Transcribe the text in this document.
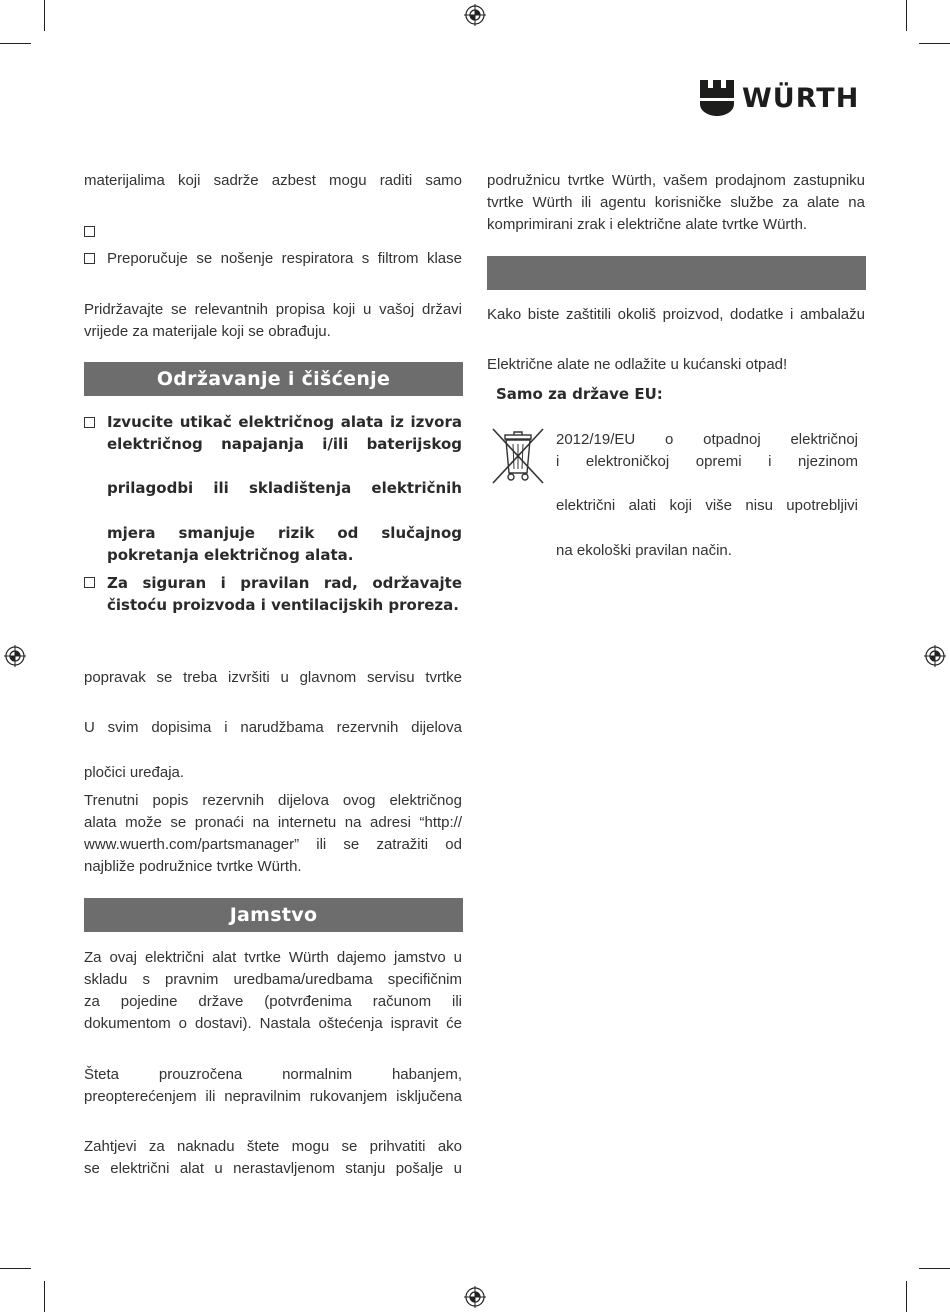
WÜRTH
materijalima koji sadrže azbest mogu raditi samo
Preporučuje se nošenje respiratora s filtrom klase
Pridržavajte se relevantnih propisa koji u vašoj državi
vrijede za materijale koji se obrađuju.
Održavanje i čišćenje
Izvucite utikač električnog alata iz izvora
električnog napajanja i/ili baterijskog
prilagodbi ili skladištenja električnih
mjera smanjuje rizik od slučajnog
pokretanja električnog alata.
Za siguran i pravilan rad, održavajte
čistoću proizvoda i ventilacijskih proreza.
popravak se treba izvršiti u glavnom servisu tvrtke
U svim dopisima i narudžbama rezervnih dijelova
pločici uređaja.
Trenutni popis rezervnih dijelova ovog električnog
alata može se pronaći na internetu na adresi “http://
www.wuerth.com/partsmanager” ili se zatražiti od
najbliže podružnice tvrtke Würth.
Jamstvo
Za ovaj električni alat tvrtke Würth dajemo jamstvo u
skladu s pravnim uredbama/uredbama specifičnim
za pojedine države (potvrđenima računom ili
dokumentom o dostavi). Nastala oštećenja ispravit će
Šteta prouzročena normalnim habanjem,
preopterećenjem ili nepravilnim rukovanjem isključena
Zahtjevi za naknadu štete mogu se prihvatiti ako
se električni alat u nerastavljenom stanju pošalje u
podružnicu tvrtke Würth, vašem prodajnom zastupniku
tvrtke Würth ili agentu korisničke službe za alate na
komprimirani zrak i električne alate tvrtke Würth.
Kako biste zaštitili okoliš proizvod, dodatke i ambalažu
Električne alate ne odlažite u kućanski otpad!
Samo za države EU:
2012/19/EU o otpadnoj električnoj
i elektroničkoj opremi i njezinom
električni alati koji više nisu upotrebljivi
na ekološki pravilan način.
